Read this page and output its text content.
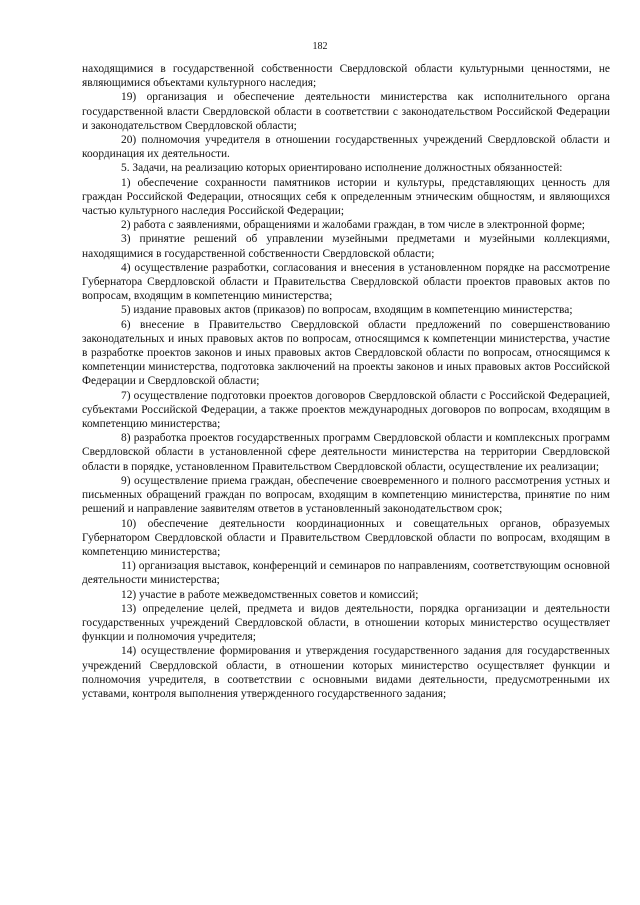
182

находящимися в государственной собственности Свердловской области культурными ценностями, не являющимися объектами культурного наследия;

19) организация и обеспечение деятельности министерства как исполнительного органа государственной власти Свердловской области в соответствии с законодательством Российской Федерации и законодательством Свердловской области;

20) полномочия учредителя в отношении государственных учреждений Свердловской области и координация их деятельности.

5. Задачи, на реализацию которых ориентировано исполнение должностных обязанностей:

1) обеспечение сохранности памятников истории и культуры, представляющих ценность для граждан Российской Федерации, относящих себя к определенным этническим общностям, и являющихся частью культурного наследия Российской Федерации;

2) работа с заявлениями, обращениями и жалобами граждан, в том числе в электронной форме;

3) принятие решений об управлении музейными предметами и музейными коллекциями, находящимися в государственной собственности Свердловской области;

4) осуществление разработки, согласования и внесения в установленном порядке на рассмотрение Губернатора Свердловской области и Правительства Свердловской области проектов правовых актов по вопросам, входящим в компетенцию министерства;

5) издание правовых актов (приказов) по вопросам, входящим в компетенцию министерства;

6) внесение в Правительство Свердловской области предложений по совершенствованию законодательных и иных правовых актов по вопросам, относящимся к компетенции министерства, участие в разработке проектов законов и иных правовых актов Свердловской области по вопросам, относящимся к компетенции министерства, подготовка заключений на проекты законов и иных правовых актов Российской Федерации и Свердловской области;

7) осуществление подготовки проектов договоров Свердловской области с Российской Федерацией, субъектами Российской Федерации, а также проектов международных договоров по вопросам, входящим в компетенцию министерства;

8) разработка проектов государственных программ Свердловской области и комплексных программ Свердловской области в установленной сфере деятельности министерства на территории Свердловской области в порядке, установленном Правительством Свердловской области, осуществление их реализации;

9) осуществление приема граждан, обеспечение своевременного и полного рассмотрения устных и письменных обращений граждан по вопросам, входящим в компетенцию министерства, принятие по ним решений и направление заявителям ответов в установленный законодательством срок;

10) обеспечение деятельности координационных и совещательных органов, образуемых Губернатором Свердловской области и Правительством Свердловской области по вопросам, входящим в компетенцию министерства;

11) организация выставок, конференций и семинаров по направлениям, соответствующим основной деятельности министерства;

12) участие в работе межведомственных советов и комиссий;

13) определение целей, предмета и видов деятельности, порядка организации и деятельности государственных учреждений Свердловской области, в отношении которых министерство осуществляет функции и полномочия учредителя;

14) осуществление формирования и утверждения государственного задания для государственных учреждений Свердловской области, в отношении которых министерство осуществляет функции и полномочия учредителя, в соответствии с основными видами деятельности, предусмотренными их уставами, контроля выполнения утвержденного государственного задания;
